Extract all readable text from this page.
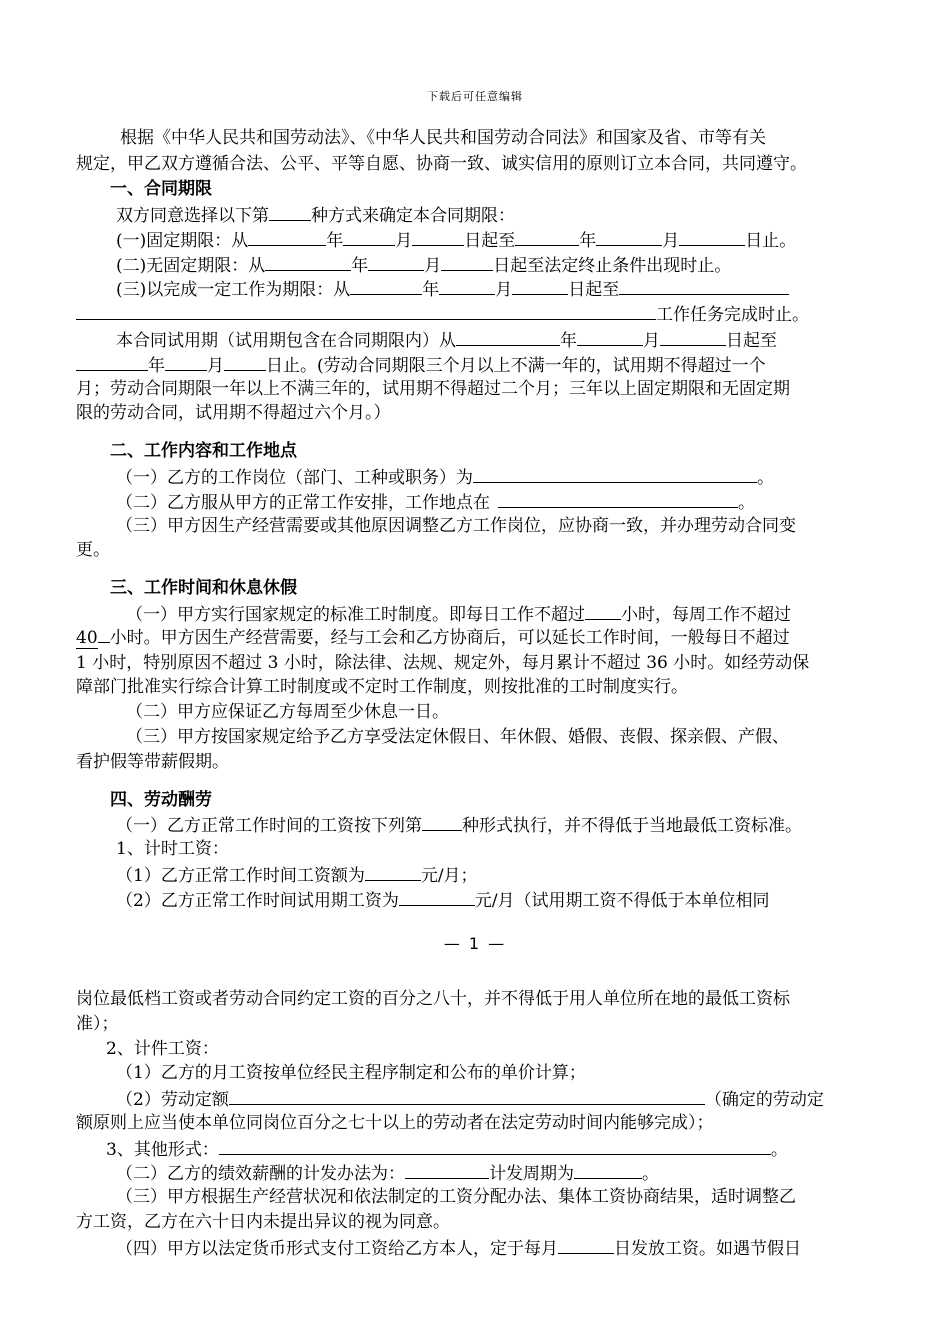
下载后可任意编辑
根据《中华人民共和国劳动法》、《中华人民共和国劳动合同法》和国家及省、市等有关
规定，甲乙双方遵循合法、公平、平等自愿、协商一致、诚实信用的原则订立本合同，共同遵守。
一、合同期限
双方同意选择以下第 种方式来确定本合同期限：
(一)固定期限：从	年	月	日起至	年	月	日止。
(二)无固定期限：从	年	月	日起至法定终止条件出现时止。
(三)以完成一定工作为期限：从	年	月	日起至
工作任务完成时止。
本合同试用期（试用期包含在合同期限内）从	年	月	日起至
年 月 日止。(劳动合同期限三个月以上不满一年的，试用期不得超过一个
月；劳动合同期限一年以上不满三年的，试用期不得超过二个月；三年以上固定期限和无固定期
限的劳动合同，试用期不得超过六个月。）
二、工作内容和工作地点
（一）乙方的工作岗位（部门、工种或职务）为	。
（二）乙方服从甲方的正常工作安排，工作地点在	。
（三）甲方因生产经营需要或其他原因调整乙方工作岗位，应协商一致，并办理劳动合同变
更。
三、工作时间和休息休假
（一）甲方实行国家规定的标准工时制度。即每日工作不超过 小时，每周工作不超过
40 小时。甲方因生产经营需要，经与工会和乙方协商后，可以延长工作时间，一般每日不超过
1 小时，特别原因不超过 3 小时，除法律、法规、规定外，每月累计不超过 36 小时。如经劳动保
障部门批准实行综合计算工时制度或不定时工作制度，则按批准的工时制度实行。
（二）甲方应保证乙方每周至少休息一日。
（三）甲方按国家规定给予乙方享受法定休假日、年休假、婚假、丧假、探亲假、产假、
看护假等带薪假期。
四、劳动酬劳
（一）乙方正常工作时间的工资按下列第 种形式执行，并不得低于当地最低工资标准。
1、计时工资：
（1）乙方正常工作时间工资额为	元/月；
（2）乙方正常工作时间试用期工资为	元/月（试用期工资不得低于本单位相同
— 1 —
岗位最低档工资或者劳动合同约定工资的百分之八十，并不得低于用人单位所在地的最低工资标
准）；
2、计件工资：
（1）乙方的月工资按单位经民主程序制定和公布的单价计算；
（2）劳动定额	（确定的劳动定
额原则上应当使本单位同岗位百分之七十以上的劳动者在法定劳动时间内能够完成）；
3、其他形式：	。
（二）乙方的绩效薪酬的计发办法为：	计发周期为	。
（三）甲方根据生产经营状况和依法制定的工资分配办法、集体工资协商结果，适时调整乙
方工资，乙方在六十日内未提出异议的视为同意。
（四）甲方以法定货币形式支付工资给乙方本人，定于每月	日发放工资。如遇节假日
